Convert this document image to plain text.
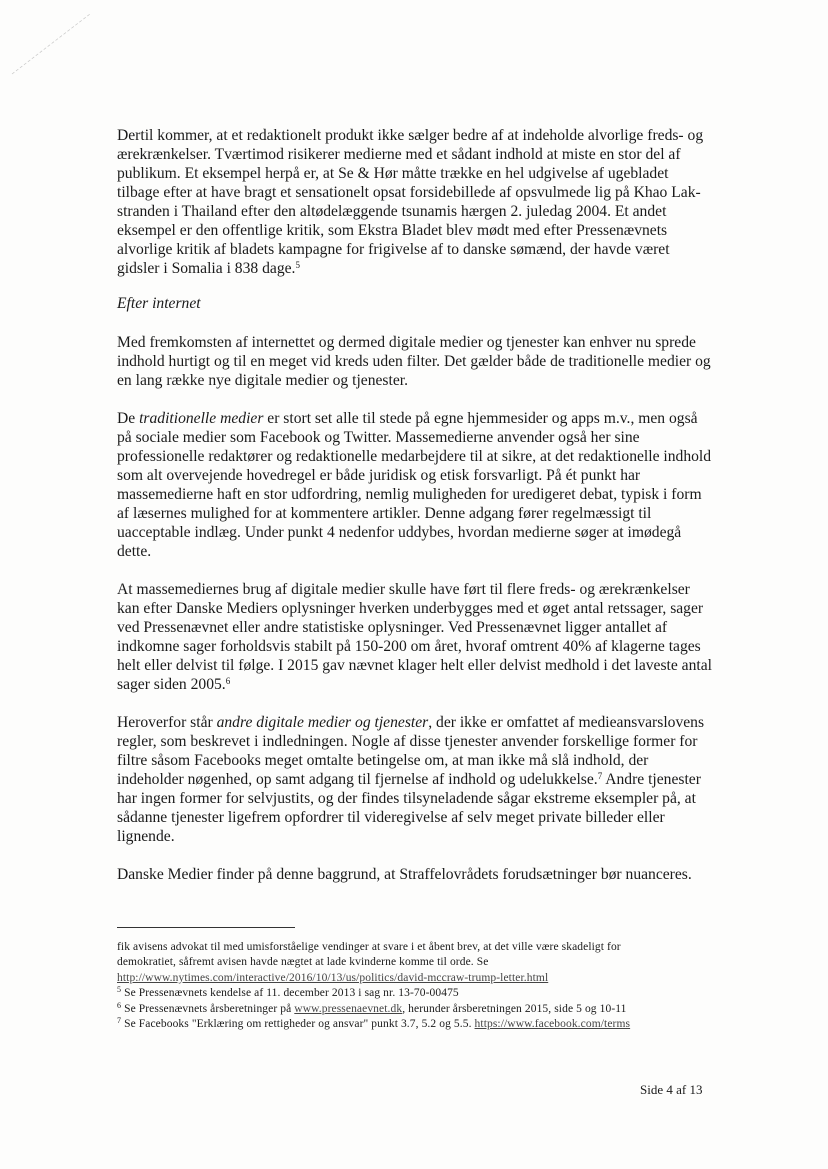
Dertil kommer, at et redaktionelt produkt ikke sælger bedre af at indeholde alvorlige freds- og ærekrænkelser. Tværtimod risikerer medierne med et sådant indhold at miste en stor del af publikum. Et eksempel herpå er, at Se & Hør måtte trække en hel udgivelse af ugebladet tilbage efter at have bragt et sensationelt opsat forsidebillede af opsvulmede lig på Khao Lak-stranden i Thailand efter den altødelæggende tsunamis hærgen 2. juledag 2004. Et andet eksempel er den offentlige kritik, som Ekstra Bladet blev mødt med efter Pressenævnets alvorlige kritik af bladets kampagne for frigivelse af to danske sømænd, der havde været gidsler i Somalia i 838 dage.$^5$

Efter internet

Med fremkomsten af internettet og dermed digitale medier og tjenester kan enhver nu sprede indhold hurtigt og til en meget vid kreds uden filter. Det gælder både de traditionelle medier og en lang række nye digitale medier og tjenester.

De traditionelle medier er stort set alle til stede på egne hjemmesider og apps m.v., men også på sociale medier som Facebook og Twitter. Massemedierne anvender også her sine professionelle redaktører og redaktionelle medarbejdere til at sikre, at det redaktionelle indhold som alt overvejende hovedregel er både juridisk og etisk forsvarligt. På ét punkt har massemedierne haft en stor udfordring, nemlig muligheden for uredigeret debat, typisk i form af læsernes mulighed for at kommentere artikler. Denne adgang fører regelmæssigt til uacceptable indlæg. Under punkt 4 nedenfor uddybes, hvordan medierne søger at imødegå dette.

At massemediernes brug af digitale medier skulle have ført til flere freds- og ærekrænkelser kan efter Danske Mediers oplysninger hverken underbygges med et øget antal retssager, sager ved Pressenævnet eller andre statistiske oplysninger. Ved Pressenævnet ligger antallet af indkomne sager forholdsvis stabilt på 150-200 om året, hvoraf omtrent 40% af klagerne tages helt eller delvist til følge. I 2015 gav nævnet klager helt eller delvist medhold i det laveste antal sager siden 2005.$^6$

Heroverfor står andre digitale medier og tjenester, der ikke er omfattet af medieansvarslovens regler, som beskrevet i indledningen. Nogle af disse tjenester anvender forskellige former for filtre såsom Facebooks meget omtalte betingelse om, at man ikke må slå indhold, der indeholder nøgenhed, op samt adgang til fjernelse af indhold og udelukkelse.$^7$ Andre tjenester har ingen former for selvjustits, og der findes tilsyneladende sågar ekstreme eksempler på, at sådanne tjenester ligefrem opfordrer til videregivelse af selv meget private billeder eller lignende.

Danske Medier finder på denne baggrund, at Straffelovrådets forudsætninger bør nuanceres.

fik avisens advokat til med umisforståelige vendinger at svare i et åbent brev, at det ville være skadeligt for
demokratiet, såfremt avisen havde nægtet at lade kvinderne komme til orde. Se
http://www.nytimes.com/interactive/2016/10/13/us/politics/david-mccraw-trump-letter.html
$^5$ Se Pressenævnets kendelse af 11. december 2013 i sag nr. 13-70-00475
$^6$ Se Pressenævnets årsberetninger på www.pressenaevnet.dk, herunder årsberetningen 2015, side 5 og 10-11
$^7$ Se Facebooks "Erklæring om rettigheder og ansvar" punkt 3.7, 5.2 og 5.5. https://www.facebook.com/terms
Side 4 af 13
